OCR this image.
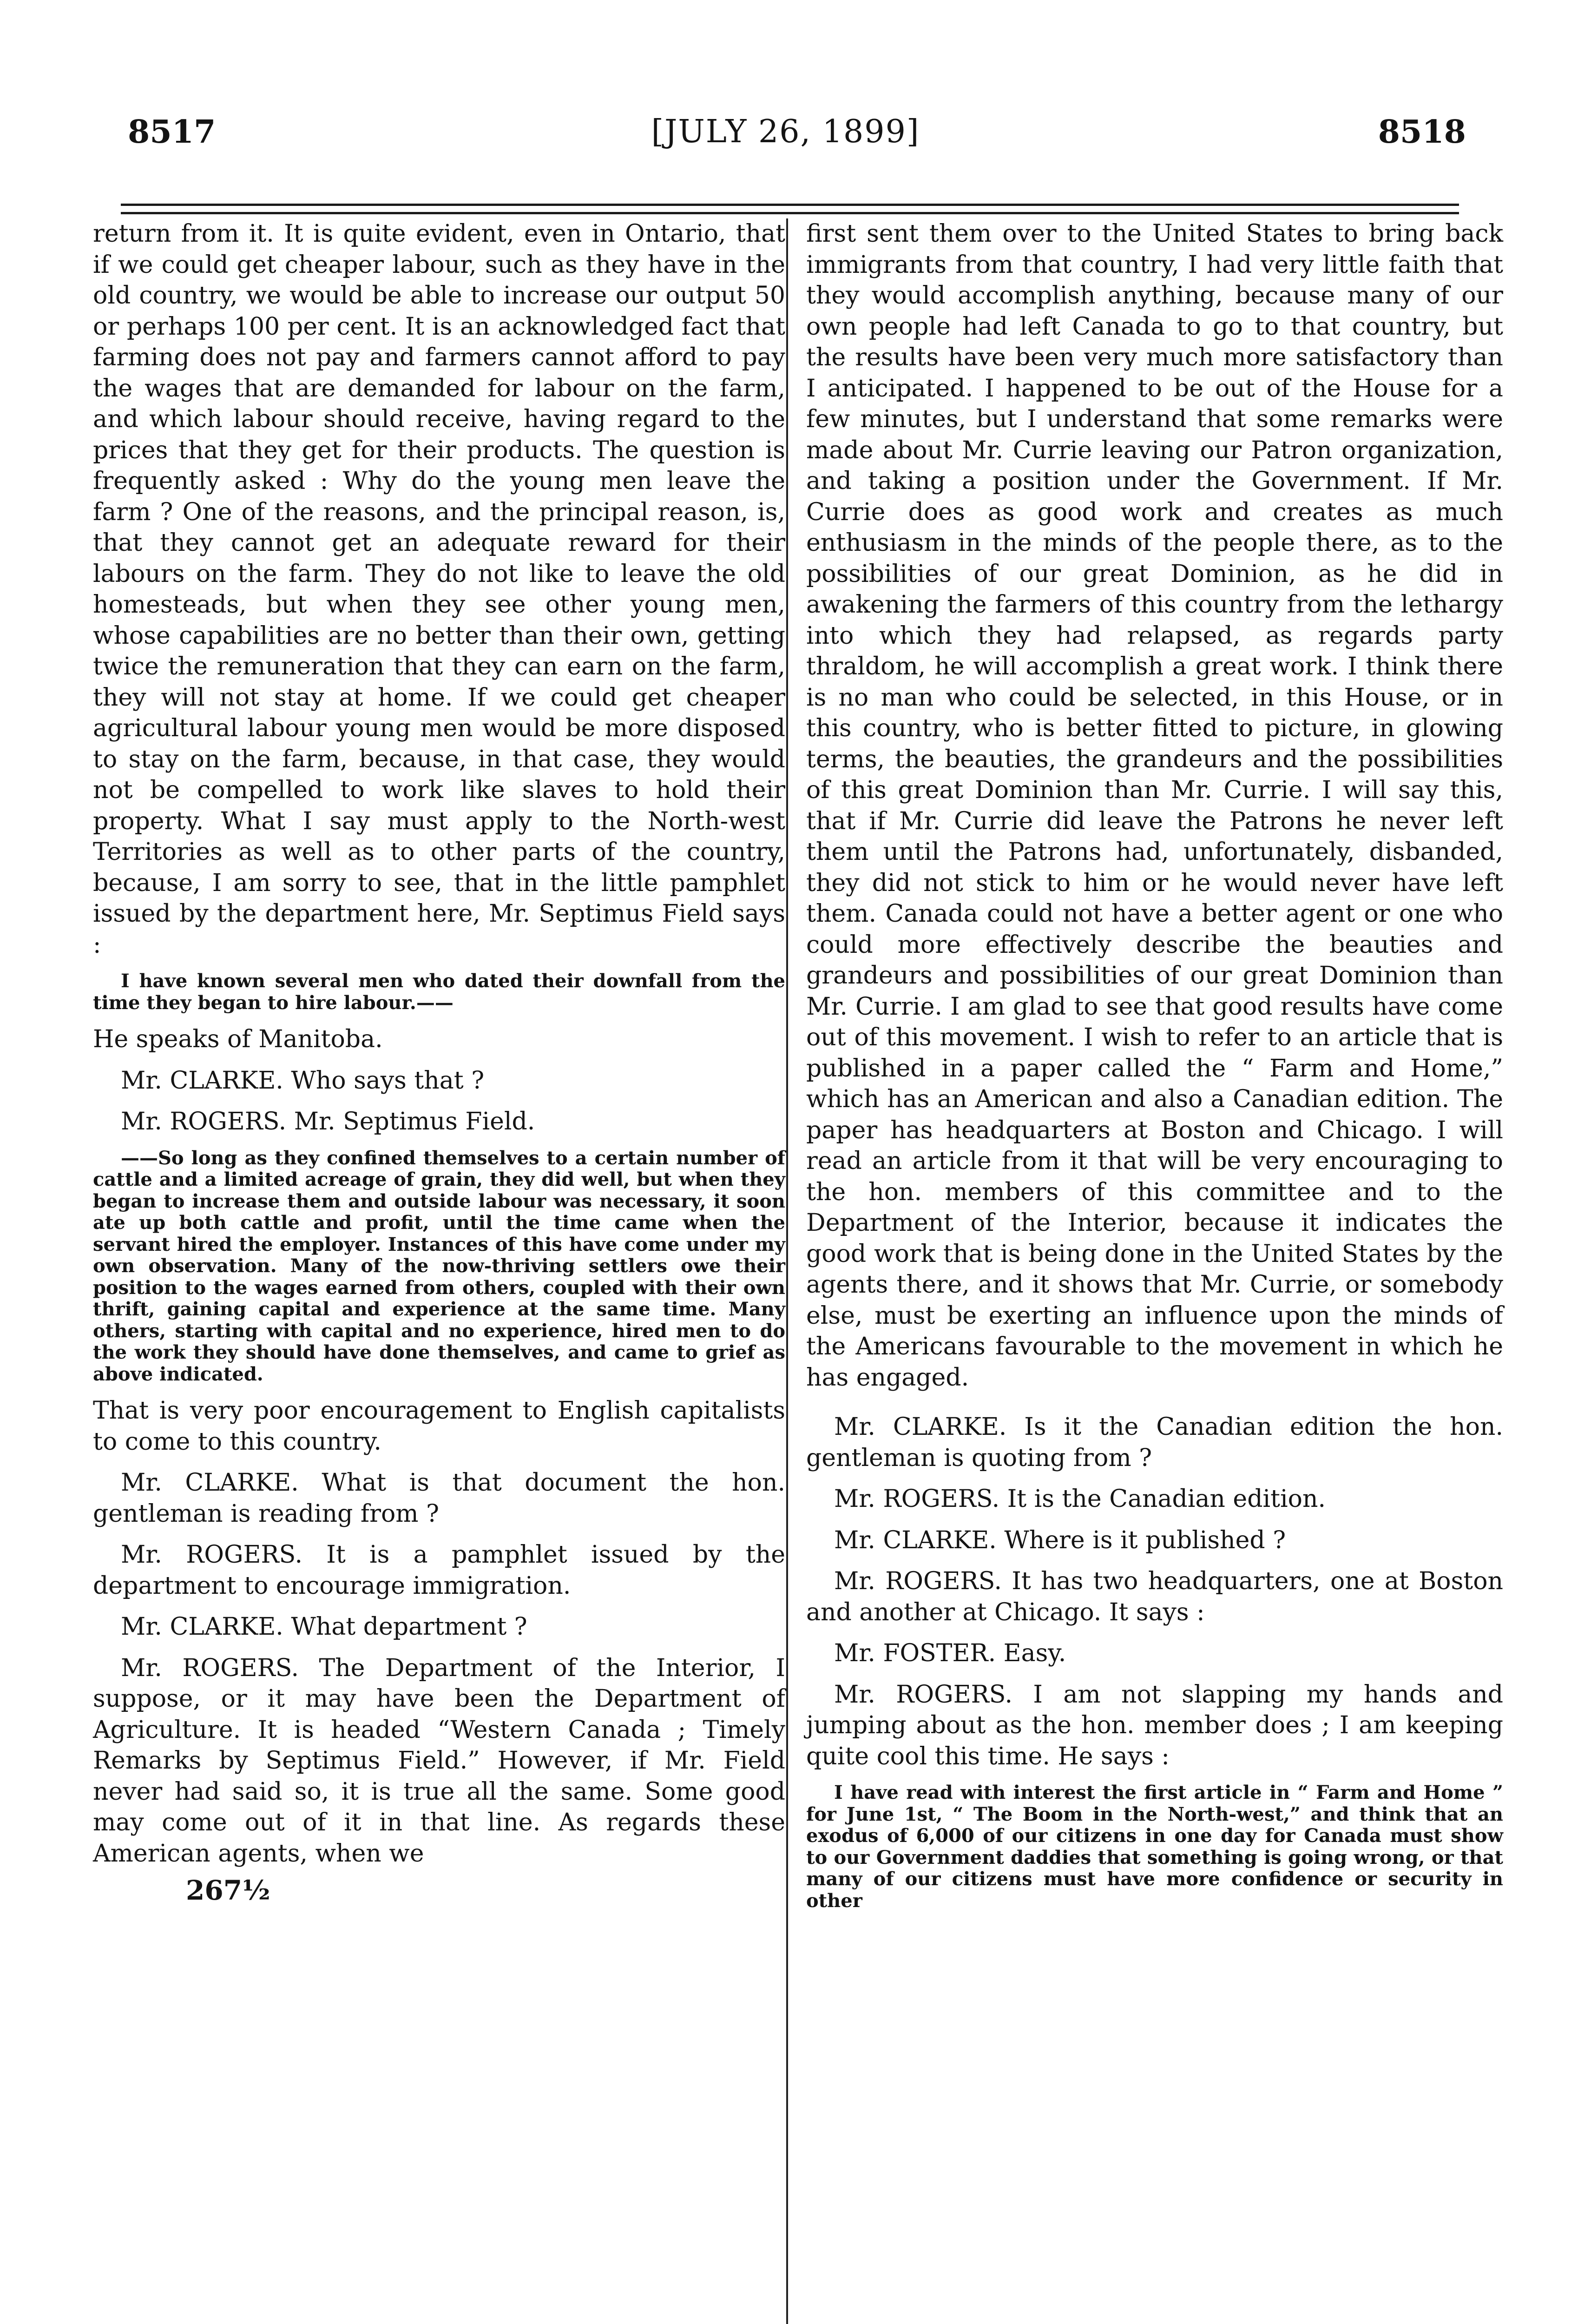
8517	[JULY 26, 1899]	8518

return from it. It is quite evident, even in Ontario, that if we could get cheaper labour, such as they have in the old country, we would be able to increase our output 50 or perhaps 100 per cent. It is an acknowledged fact that farming does not pay and farmers cannot afford to pay the wages that are demanded for labour on the farm, and which labour should receive, having regard to the prices that they get for their products. The question is frequently asked : Why do the young men leave the farm ? One of the reasons, and the principal reason, is, that they cannot get an adequate reward for their labours on the farm. They do not like to leave the old homesteads, but when they see other young men, whose capabilities are no better than their own, getting twice the remuneration that they can earn on the farm, they will not stay at home. If we could get cheaper agricultural labour young men would be more disposed to stay on the farm, because, in that case, they would not be compelled to work like slaves to hold their property. What I say must apply to the North-west Territories as well as to other parts of the country, because, I am sorry to see, that in the little pamphlet issued by the department here, Mr. Septimus Field says :

I have known several men who dated their downfall from the time they began to hire labour.——

He speaks of Manitoba.

Mr. CLARKE. Who says that ?

Mr. ROGERS. Mr. Septimus Field.

——So long as they confined themselves to a certain number of cattle and a limited acreage of grain, they did well, but when they began to increase them and outside labour was necessary, it soon ate up both cattle and profit, until the time came when the servant hired the employer. Instances of this have come under my own observation. Many of the now-thriving settlers owe their position to the wages earned from others, coupled with their own thrift, gaining capital and experience at the same time. Many others, starting with capital and no experience, hired men to do the work they should have done themselves, and came to grief as above indicated.

That is very poor encouragement to English capitalists to come to this country.

Mr. CLARKE. What is that document the hon. gentleman is reading from ?

Mr. ROGERS. It is a pamphlet issued by the department to encourage immigration.

Mr. CLARKE. What department ?

Mr. ROGERS. The Department of the Interior, I suppose, or it may have been the Department of Agriculture. It is headed “Western Canada ; Timely Remarks by Septimus Field.” However, if Mr. Field never had said so, it is true all the same. Some good may come out of it in that line. As regards these American agents, when we

267½

first sent them over to the United States to bring back immigrants from that country, I had very little faith that they would accomplish anything, because many of our own people had left Canada to go to that country, but the results have been very much more satisfactory than I anticipated. I happened to be out of the House for a few minutes, but I understand that some remarks were made about Mr. Currie leaving our Patron organization, and taking a position under the Government. If Mr. Currie does as good work and creates as much enthusiasm in the minds of the people there, as to the possibilities of our great Dominion, as he did in awakening the farmers of this country from the lethargy into which they had relapsed, as regards party thraldom, he will accomplish a great work. I think there is no man who could be selected, in this House, or in this country, who is better fitted to picture, in glowing terms, the beauties, the grandeurs and the possibilities of this great Dominion than Mr. Currie. I will say this, that if Mr. Currie did leave the Patrons he never left them until the Patrons had, unfortunately, disbanded, they did not stick to him or he would never have left them. Canada could not have a better agent or one who could more effectively describe the beauties and grandeurs and possibilities of our great Dominion than Mr. Currie. I am glad to see that good results have come out of this movement. I wish to refer to an article that is published in a paper called the “ Farm and Home,” which has an American and also a Canadian edition. The paper has headquarters at Boston and Chicago. I will read an article from it that will be very encouraging to the hon. members of this committee and to the Department of the Interior, because it indicates the good work that is being done in the United States by the agents there, and it shows that Mr. Currie, or somebody else, must be exerting an influence upon the minds of the Americans favourable to the movement in which he has engaged.

Mr. CLARKE. Is it the Canadian edition the hon. gentleman is quoting from ?

Mr. ROGERS. It is the Canadian edition.

Mr. CLARKE. Where is it published ?

Mr. ROGERS. It has two headquarters, one at Boston and another at Chicago. It says :

Mr. FOSTER. Easy.

Mr. ROGERS. I am not slapping my hands and jumping about as the hon. member does ; I am keeping quite cool this time. He says :

I have read with interest the first article in “ Farm and Home ” for June 1st, “ The Boom in the North-west,” and think that an exodus of 6,000 of our citizens in one day for Canada must show to our Government daddies that something is going wrong, or that many of our citizens must have more confidence or security in other
